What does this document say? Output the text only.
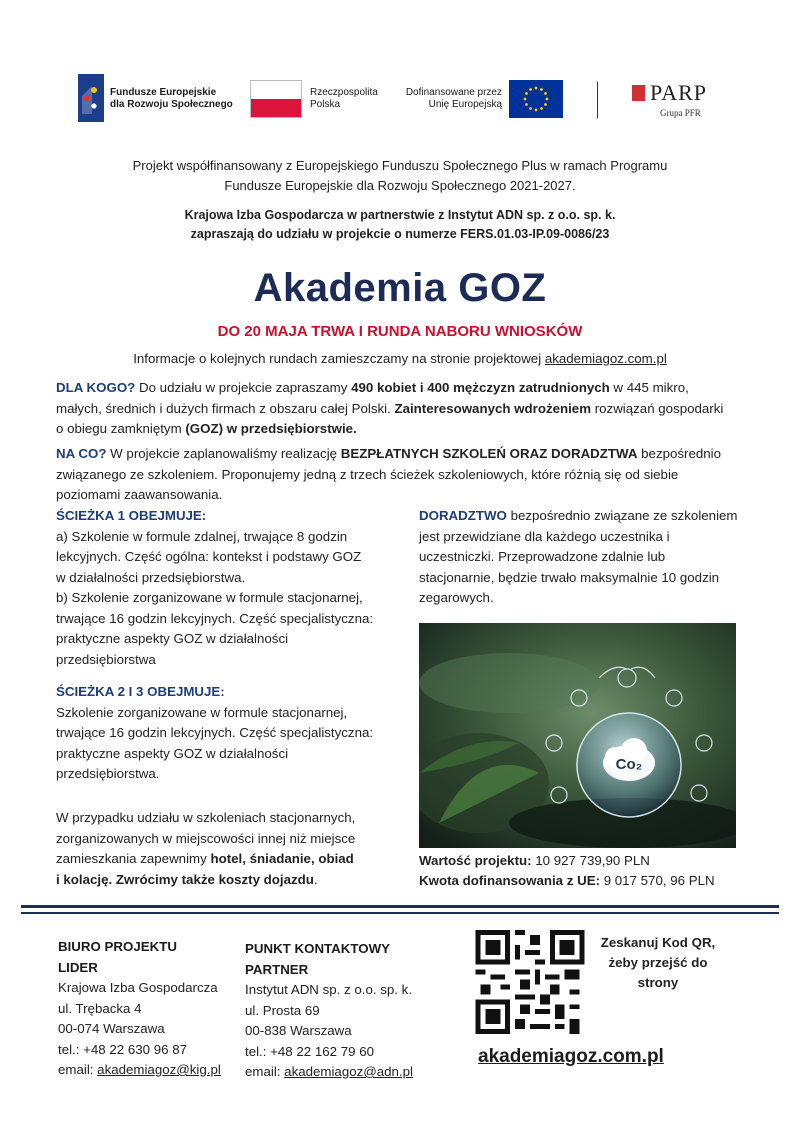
Fundusze Europejskie
dla Rozwoju Społecznego
Rzeczpospolita
Polska
Dofinansowane przez
Unię Europejską	PARP
Grupa PFR
Projekt współfinansowany z Europejskiego Funduszu Społecznego Plus w ramach Programu
Fundusze Europejskie dla Rozwoju Społecznego 2021-2027.
Krajowa Izba Gospodarcza w partnerstwie z Instytut ADN sp. z o.o. sp. k.
zapraszają do udziału w projekcie o numerze FERS.01.03-IP.09-0086/23
Akademia GOZ
DO 20 MAJA TRWA I RUNDA NABORU WNIOSKÓW
Informacje o kolejnych rundach zamieszczamy na stronie projektowej akademiagoz.com.pl
DLA KOGO? Do udziału w projekcie zapraszamy 490 kobiet i 400 mężczyzn zatrudnionych w 445 mikro,
małych, średnich i dużych firmach z obszaru całej Polski. Zainteresowanych wdrożeniem rozwiązań gospodarki
o obiegu zamkniętym (GOZ) w przedsiębiorstwie.
NA CO? W projekcie zaplanowaliśmy realizację BEZPŁATNYCH SZKOLEŃ ORAZ DORADZTWA bezpośrednio
związanego ze szkoleniem. Proponujemy jedną z trzech ścieżek szkoleniowych, które różnią się od siebie
poziomami zaawansowania.
ŚCIEŻKA 1 OBEJMUJE:
a) Szkolenie w formule zdalnej, trwające 8 godzin
lekcyjnych. Część ogólna: kontekst i podstawy GOZ
w działalności przedsiębiorstwa.
b) Szkolenie zorganizowane w formule stacjonarnej,
trwające 16 godzin lekcyjnych. Część specjalistyczna:
praktyczne aspekty GOZ w działalności
przedsiębiorstwa
ŚCIEŻKA 2 I 3 OBEJMUJE:
Szkolenie zorganizowane w formule stacjonarnej,
trwające 16 godzin lekcyjnych. Część specjalistyczna:
praktyczne aspekty GOZ w działalności
przedsiębiorstwa.
W przypadku udziału w szkoleniach stacjonarnych,
zorganizowanych w miejscowości innej niż miejsce
zamieszkania zapewnimy hotel, śniadanie, obiad
i kolację. Zwrócimy także koszty dojazdu.
DORADZTWO bezpośrednio związane ze szkoleniem
jest przewidziane dla każdego uczestnika i
uczestniczki. Przeprowadzone zdalnie lub
stacjonarnie, będzie trwało maksymalnie 10 godzin
zegarowych.
Co₂
Wartość projektu: 10 927 739,90 PLN
Kwota dofinansowania z UE: 9 017 570, 96 PLN
BIURO PROJEKTU
LIDER
Krajowa Izba Gospodarcza
ul. Trębacka 4
00-074 Warszawa
tel.: +48 22 630 96 87
email: akademiagoz@kig.pl
PUNKT KONTAKTOWY
PARTNER
Instytut ADN sp. z o.o. sp. k.
ul. Prosta 69
00-838 Warszawa
tel.: +48 22 162 79 60
email: akademiagoz@adn.pl
Zeskanuj Kod QR,
żeby przejść do
strony
akademiagoz.com.pl
